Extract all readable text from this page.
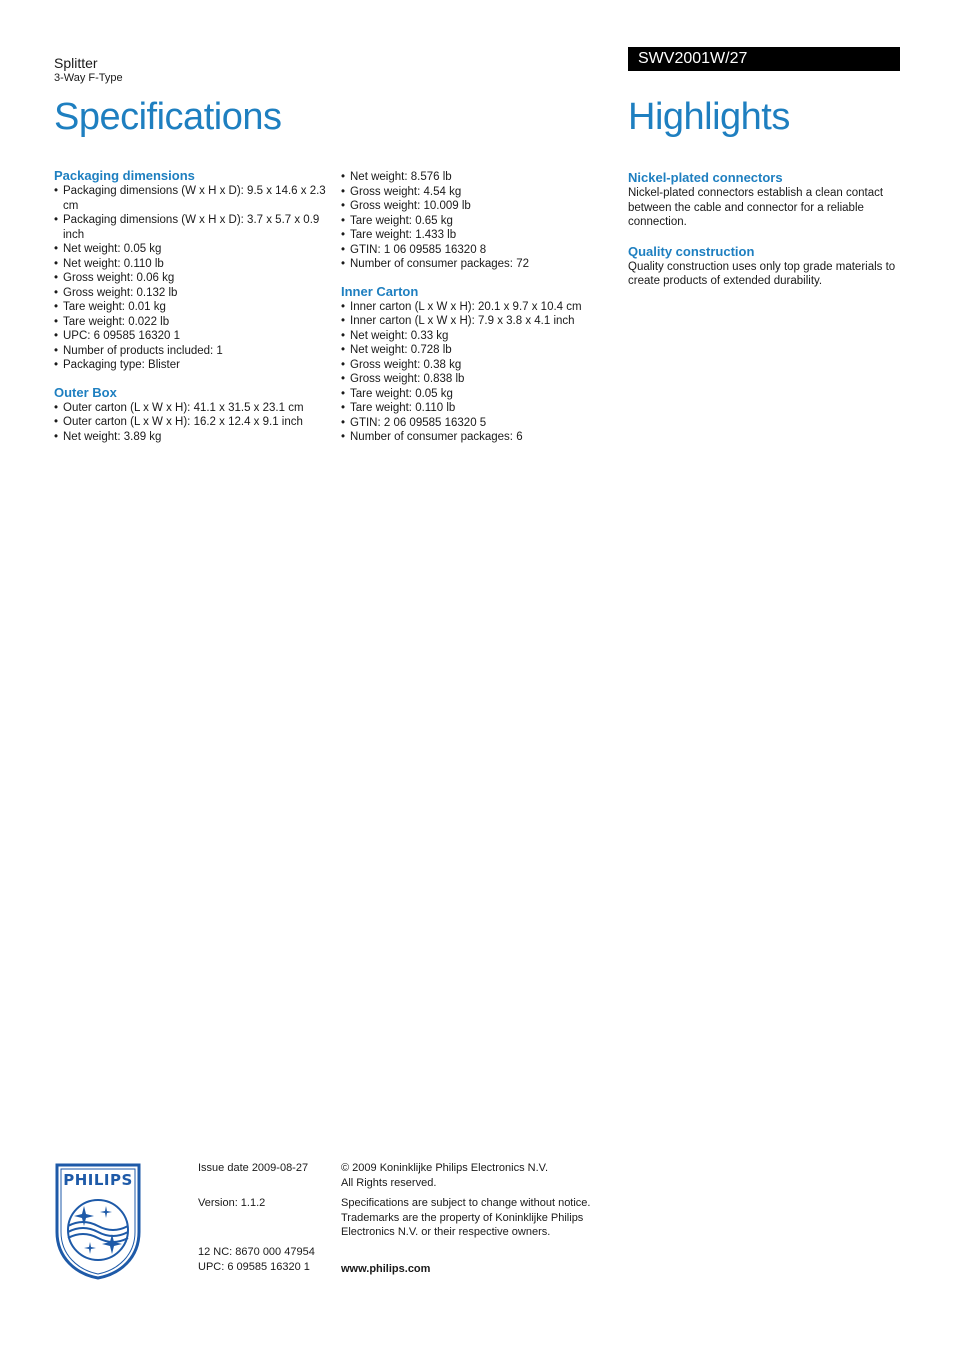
Splitter
3-Way F-Type
SWV2001W/27
Specifications	Highlights
Packaging dimensions
• Packaging dimensions (W x H x D): 9.5 x 14.6 x 2.3 cm
• Packaging dimensions (W x H x D): 3.7 x 5.7 x 0.9 inch
• Net weight: 0.05 kg
• Net weight: 0.110 lb
• Gross weight: 0.06 kg
• Gross weight: 0.132 lb
• Tare weight: 0.01 kg
• Tare weight: 0.022 lb
• UPC: 6 09585 16320 1
• Number of products included: 1
• Packaging type: Blister
Outer Box
• Outer carton (L x W x H): 41.1 x 31.5 x 23.1 cm
• Outer carton (L x W x H): 16.2 x 12.4 x 9.1 inch
• Net weight: 3.89 kg
• Net weight: 8.576 lb
• Gross weight: 4.54 kg
• Gross weight: 10.009 lb
• Tare weight: 0.65 kg
• Tare weight: 1.433 lb
• GTIN: 1 06 09585 16320 8
• Number of consumer packages: 72
Inner Carton
• Inner carton (L x W x H): 20.1 x 9.7 x 10.4 cm
• Inner carton (L x W x H): 7.9 x 3.8 x 4.1 inch
• Net weight: 0.33 kg
• Net weight: 0.728 lb
• Gross weight: 0.38 kg
• Gross weight: 0.838 lb
• Tare weight: 0.05 kg
• Tare weight: 0.110 lb
• GTIN: 2 06 09585 16320 5
• Number of consumer packages: 6
Nickel-plated connectors

Nickel-plated connectors establish a clean contact between the cable and connector for a reliable connection.

Quality construction

Quality construction uses only top grade materials to create products of extended durability.

PHILIPS

Issue date 2009-08-27

Version: 1.1.2

12 NC: 8670 000 47954

UPC: 6 09585 16320 1

© 2009 Koninklijke Philips Electronics N.V.

All Rights reserved.

Specifications are subject to change without notice.

Trademarks are the property of Koninklijke Philips

Electronics N.V. or their respective owners.

www.philips.com
